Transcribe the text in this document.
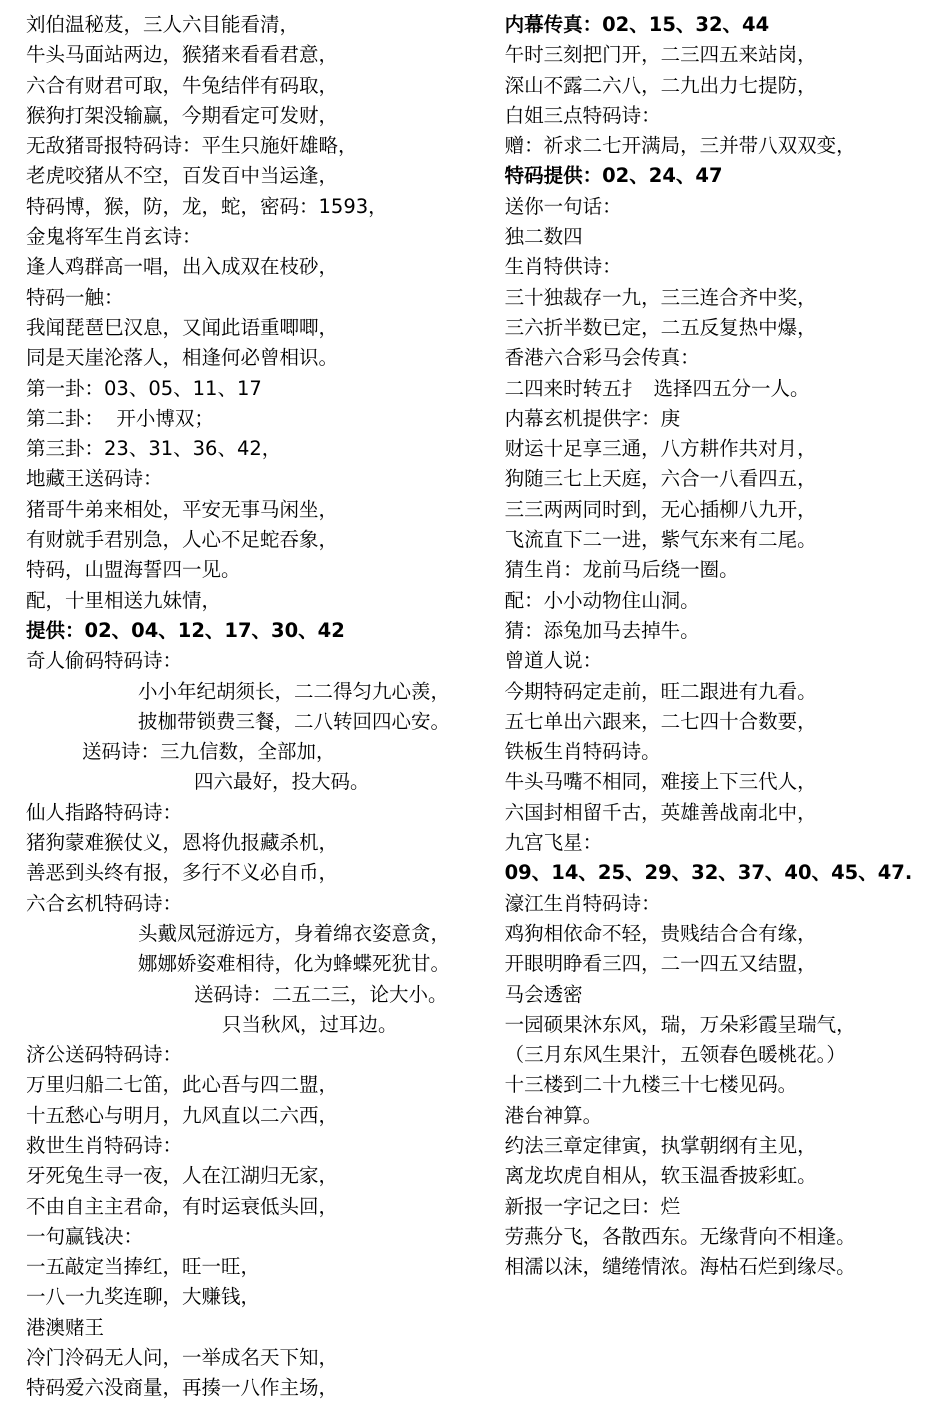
刘伯温秘芨，三人六目能看清，
牛头马面站两边，猴猪来看看君意，
六合有财君可取，牛兔结伴有码取，
猴狗打架没输赢，今期看定可发财，
无敌猪哥报特码诗：平生只施奸雄略，
老虎咬猪从不空，百发百中当运逢，
特码博，猴，防，龙，蛇，密码：1593，
金鬼将军生肖玄诗：
逢人鸡群高一唱，出入成双在枝砂，
特码一触：
我闻琵琶巳汉息，又闻此语重唧唧，
同是天崖沦落人，相逢何必曾相识。
第一卦：03、05、11、17
第二卦：  开小博双；
第三卦：23、31、36、42，
地藏王送码诗：
猪哥牛弟来相处，平安无事马闲坐，
有财就手君别急，人心不足蛇吞象，
特码，山盟海誓四一见。
配，十里相送九妹情，
提供：02、04、12、17、30、42
奇人偷码特码诗：
小小年纪胡须长，二二得匀九心羡，
披枷带锁费三餐，二八转回四心安。
送码诗：三九信数，全部加，
四六最好，投大码。
仙人指路特码诗：
猪狗蒙难猴仗义，恩将仇报藏杀机，
善恶到头终有报，多行不义必自币，
六合玄机特码诗：
头戴凤冠游远方，身着绵衣姿意贪，
娜娜娇姿难相待，化为蜂蝶死犹甘。
送码诗：二五二三，论大小。
只当秋风，过耳边。
济公送码特码诗：
万里归船二七笛，此心吾与四二盟，
十五愁心与明月，九风直以二六西，
救世生肖特码诗：
牙死兔生寻一夜，人在江湖归无家，
不由自主主君命，有时运衰低头回，
一句赢钱决：
一五敲定当捧红，旺一旺，
一八一九奖连聊，大赚钱，
港澳赌王
冷门泠码无人问，一举成名天下知，
特码爱六没商量，再揍一八作主场，
内幕传真：02、15、32、44
午时三刻把门开，二三四五来站岗，
深山不露二六八，二九出力七提防，
白姐三点特码诗：
赠：祈求二七开满局，三并带八双双变，
特码提供：02、24、47
送你一句话：
独二数四
生肖特供诗：
三十独裁存一九，三三连合齐中奖，
三六折半数已定，二五反复热中爆，
香港六合彩马会传真：
二四来时转五扌  选择四五分一人。
内幕玄机提供字：庚
财运十足享三通，八方耕作共对月，
狗随三七上天庭，六合一八看四五，
三三两两同时到，无心插柳八九开，
飞流直下二一进，紫气东来有二尾。
猜生肖：龙前马后绕一圈。
配：小小动物住山洞。
猜：添兔加马去掉牛。
曾道人说：
今期特码定走前，旺二跟进有九看。
五七单出六跟来，二七四十合数要，
铁板生肖特码诗。
牛头马嘴不相同，难接上下三代人，
六国封相留千古，英雄善战南北中，
九宫飞星：
09、14、25、29、32、37、40、45、47.
濠江生肖特码诗：
鸡狗相依命不轻，贵贱结合合有缘，
开眼明睁看三四，二一四五又结盟，
马会透密
一园硕果沐东风，瑞，万朵彩霞呈瑞气，
（三月东风生果汁，五领春色暖桃花。）
十三楼到二十九楼三十七楼见码。
港台神算。
约法三章定律寅，执掌朝纲有主见，
离龙坎虎自相从，软玉温香披彩虹。
新报一字记之曰：烂
劳燕分飞，各散西东。无缘背向不相逢。
相濡以沫，缱绻情浓。海枯石烂到缘尽。
